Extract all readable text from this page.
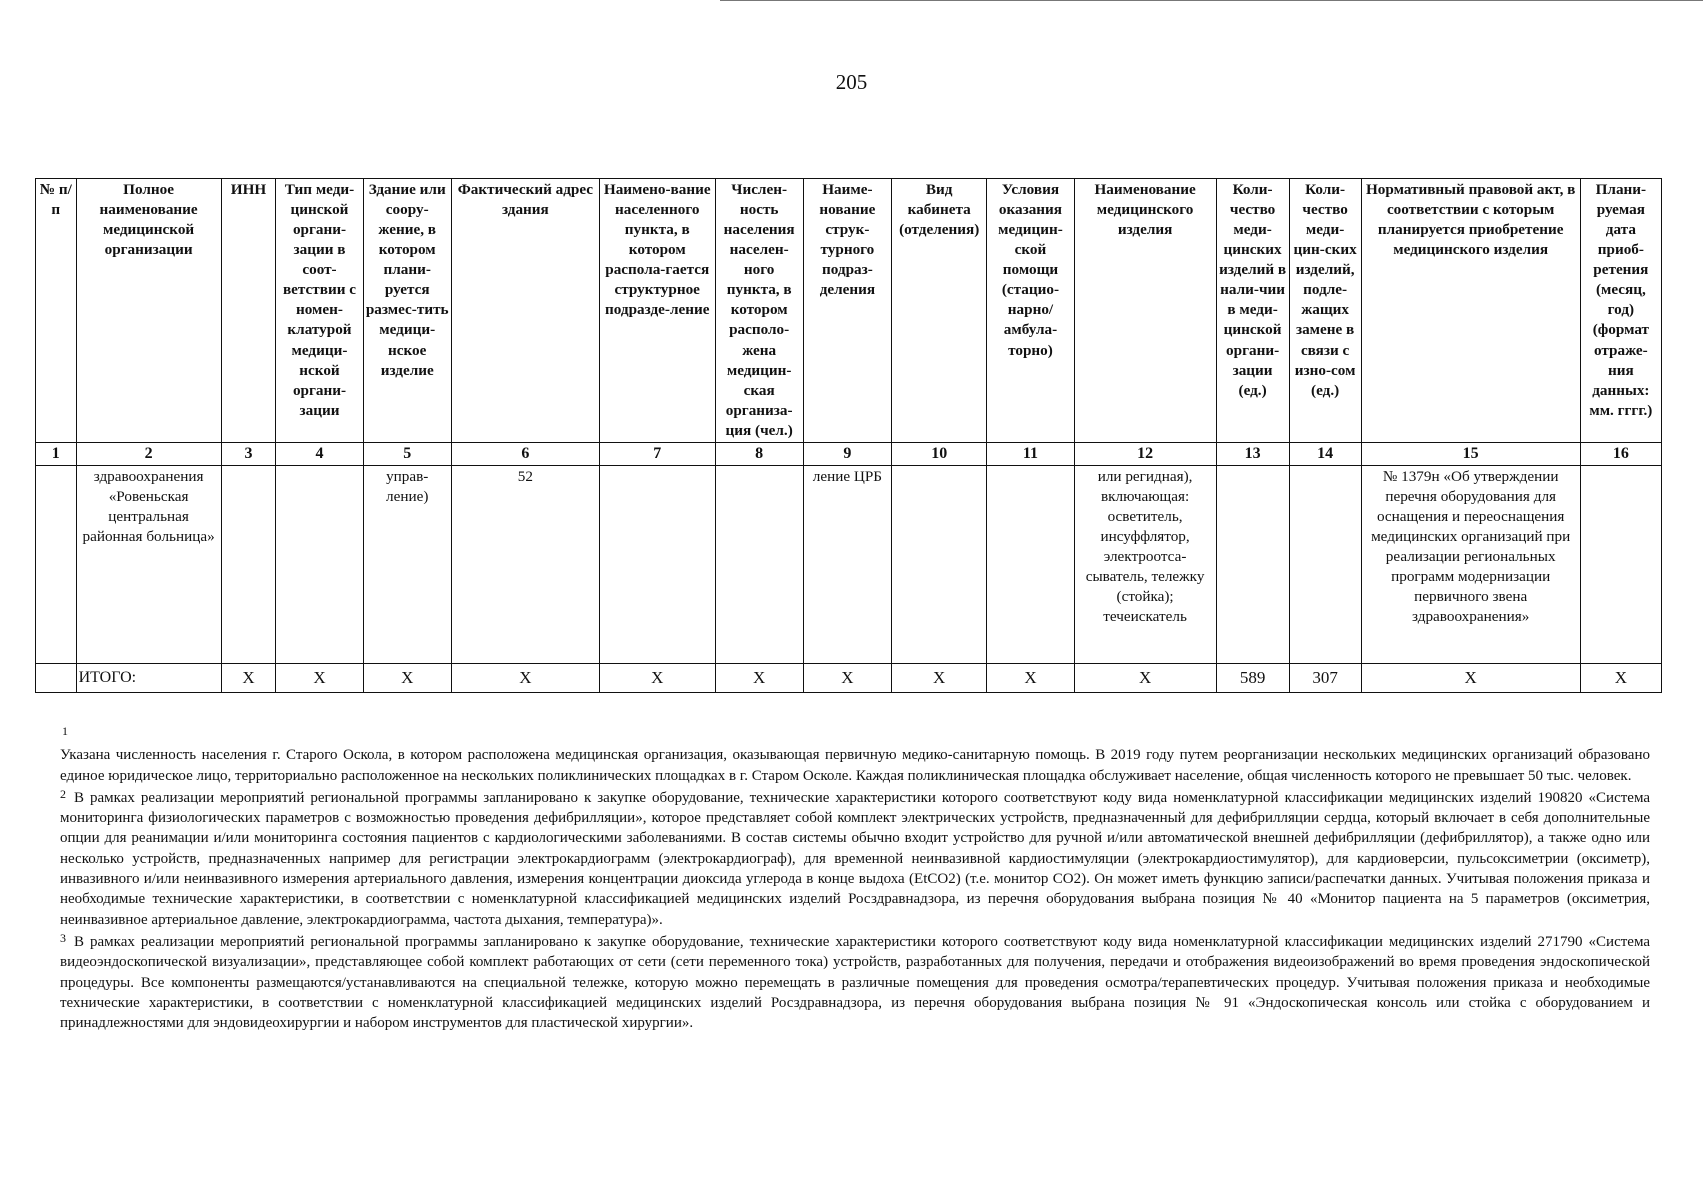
205
№ п/п	Полное наименование медицинской организации	ИНН	Тип меди-цинской органи-зации в соот-ветствии с номен-клатурой медици-нской органи-зации	Здание или соору-жение, в котором плани-руется размес-тить медици-нское изделие	Фактический адрес здания	Наимено-вание населенного пункта, в котором распола-гается структурное подразде-ление	Числен-ность населения населен-ного пункта, в котором располо-жена медицин-ская организа-ция (чел.)	Наиме-нование струк-турного подраз-деления	Вид кабинета (отделения)	Условия оказания медицин-ской помощи (стацио-нарно/ амбула-торно)	Наименование медицинского изделия	Коли-чество меди-цинских изделий в нали-чии в меди-цинской органи-зации (ед.)	Коли-чество меди-цин-ских изделий, подле-жащих замене в связи с изно-сом (ед.)	Нормативный правовой акт, в соответствии с которым планируется приобретение медицинского изделия	Плани-руемая дата приоб-ретения (месяц, год) (формат отраже-ния данных: мм. гггг.)
1	2	3	4	5	6	7	8	9	10	11	12	13	14	15	16
	здравоохранения «Ровеньская центральная районная больница»			управ-ление)	52			ление ЦРБ			или регидная), включающая: осветитель, инсуффлятор, электроотса-сыватель, тележку (стойка); течеискатель			№ 1379н «Об утверждении перечня оборудования для оснащения и переоснащения медицинских организаций при реализации региональных программ модернизации первичного звена здравоохранения»	
	ИТОГО:	Х	Х	Х	Х	Х	Х	Х	Х	Х	Х	589	307	Х	Х

$^1$
Указана численность населения г. Старого Оскола, в котором расположена медицинская организация, оказывающая первичную медико-санитарную помощь. В 2019 году путем реорганизации нескольких медицинских организаций образовано единое юридическое лицо, территориально расположенное на нескольких поликлинических площадках в г. Старом Осколе. Каждая поликлиническая площадка обслуживает население, общая численность которого не превышает 50 тыс. человек.

$^2$ В рамках реализации мероприятий региональной программы запланировано к закупке оборудование, технические характеристики которого соответствуют коду вида номенклатурной классификации медицинских изделий 190820 «Система мониторинга физиологических параметров с возможностью проведения дефибрилляции», которое представляет собой комплект электрических устройств, предназначенный для дефибрилляции сердца, который включает в себя дополнительные опции для реанимации и/или мониторинга состояния пациентов с кардиологическими заболеваниями. В состав системы обычно входит устройство для ручной и/или автоматической внешней дефибрилляции (дефибриллятор), а также одно или несколько устройств, предназначенных например для регистрации электрокардиограмм (электрокардиограф), для временной неинвазивной кардиостимуляции (электрокардиостимулятор), для кардиоверсии, пульсоксиметрии (оксиметр), инвазивного и/или неинвазивного измерения артериального давления, измерения концентрации диоксида углерода в конце выдоха (EtCO2) (т.е. монитор CO2). Он может иметь функцию записи/распечатки данных. Учитывая положения приказа и необходимые технические характеристики, в соответствии с номенклатурной классификацией медицинских изделий Росздравнадзора, из перечня оборудования выбрана позиция № 40 «Монитор пациента на 5 параметров (оксиметрия, неинвазивное артериальное давление, электрокардиограмма, частота дыхания, температура)».

$^3$ В рамках реализации мероприятий региональной программы запланировано к закупке оборудование, технические характеристики которого соответствуют коду вида номенклатурной классификации медицинских изделий 271790 «Система видеоэндоскопической визуализации», представляющее собой комплект работающих от сети (сети переменного тока) устройств, разработанных для получения, передачи и отображения видеоизображений во время проведения эндоскопической процедуры. Все компоненты размещаются/устанавливаются на специальной тележке, которую можно перемещать в различные помещения для проведения осмотра/терапевтических процедур. Учитывая положения приказа и необходимые технические характеристики, в соответствии с номенклатурной классификацией медицинских изделий Росздравнадзора, из перечня оборудования выбрана позиция № 91 «Эндоскопическая консоль или стойка с оборудованием и принадлежностями для эндовидеохирургии и набором инструментов для пластической хирургии».
